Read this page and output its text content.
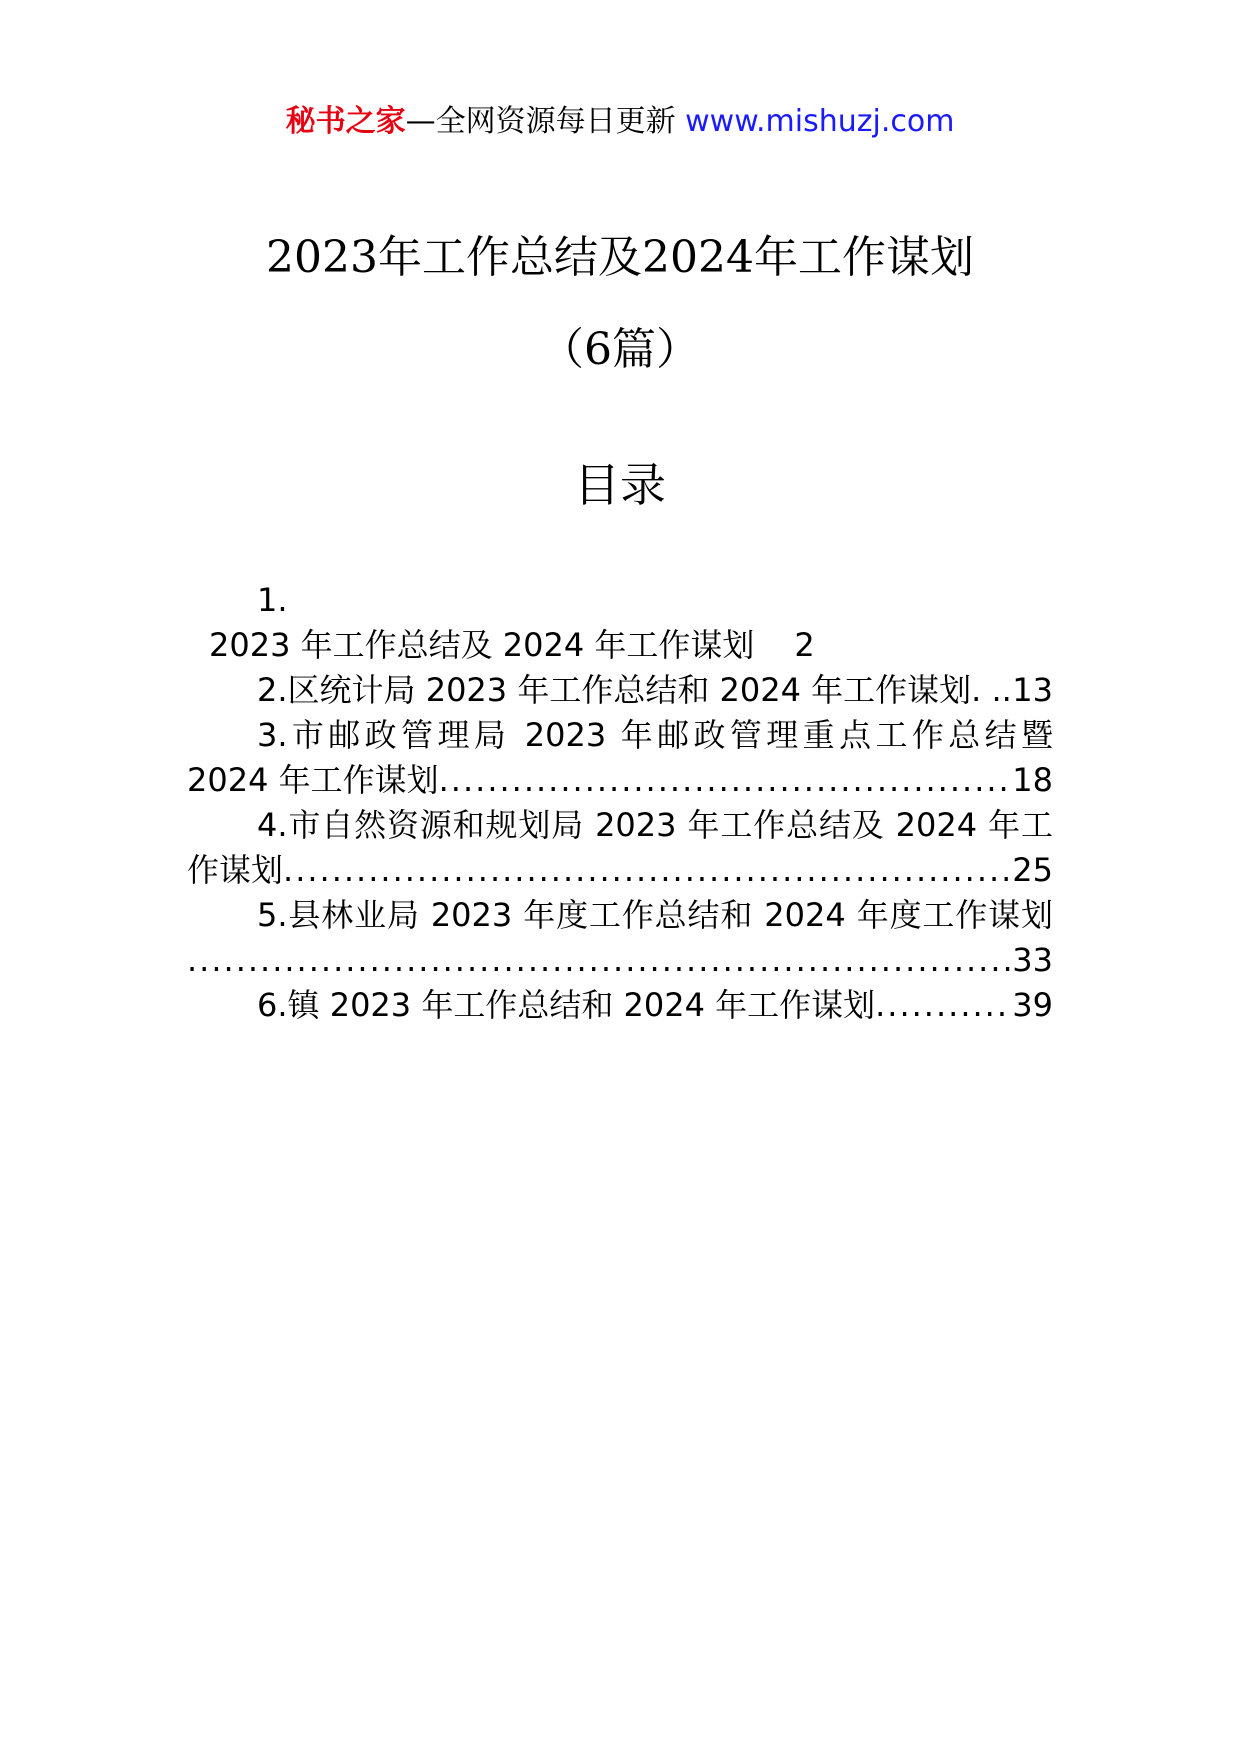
秘书之家—全网资源每日更新 www.mishuzj.com
2023年工作总结及2024年工作谋划
（6篇）
目录
1.
2023 年工作总结及 2024 年工作谋划 2
2.区统计局 2023 年工作总结和 2024 年工作谋划. . ..... 13
3.市邮政管理局 2023 年邮政管理重点工作总结暨
2024 年工作谋划 .....	18
4.市自然资源和规划局 2023 年工作总结及 2024 年工
作谋划 .....	25
5.县林业局 2023 年度工作总结和 2024 年度工作谋划
.....
33
6.镇 2023 年工作总结和 2024 年工作谋划 .....	39
